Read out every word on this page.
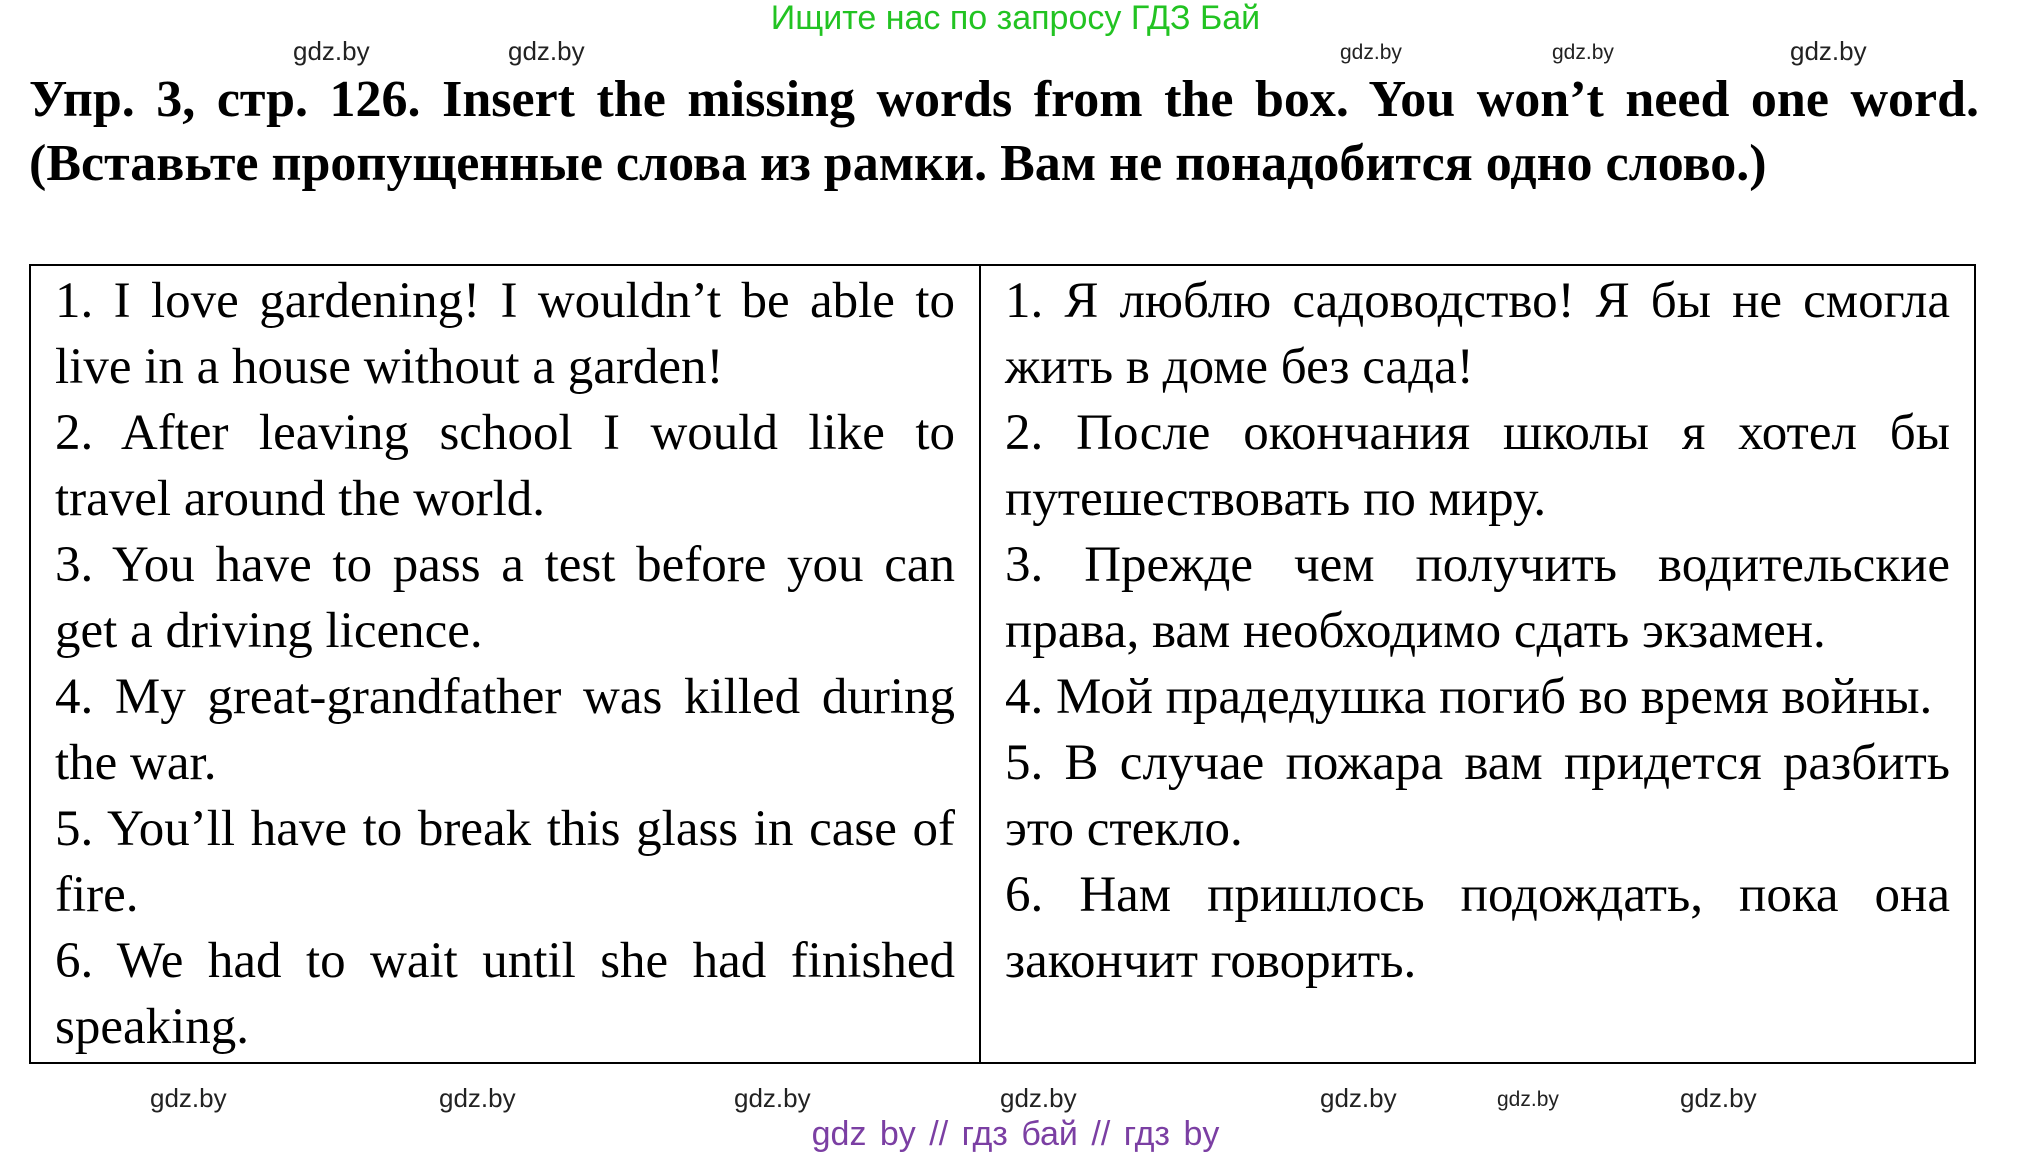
Ищите нас по запросу ГДЗ Бай
Упр. 3, стр. 126. Insert the missing words from the box. You won’t need one word. (Вставьте пропущенные слова из рамки. Вам не понадобится одно слово.)

1. I love gardening! I wouldn’t be able to live in a house without a garden!

2. After leaving school I would like to travel around the world.

3. You have to pass a test before you can get a driving licence.

4. My great-grandfather was killed during the war.

5. You’ll have to break this glass in case of fire.

6. We had to wait until she had finished speaking.

1. Я люблю садоводство! Я бы не смогла жить в доме без сада!

2. После окончания школы я хотел бы путешествовать по миру.

3. Прежде чем получить водительские права, вам необходимо сдать экзамен.

4. Мой прадедушка погиб во время войны.

5. В случае пожара вам придется разбить это стекло.

6. Нам пришлось подождать, пока она закончит говорить.

gdz.by	gdz.by	gdz.by	gdz.by	gdz.by
gdz.by	gdz.by	gdz.by	gdz.by	gdz.by	gdz.by	gdz.by
gdz by // гдз бай // гдз by
